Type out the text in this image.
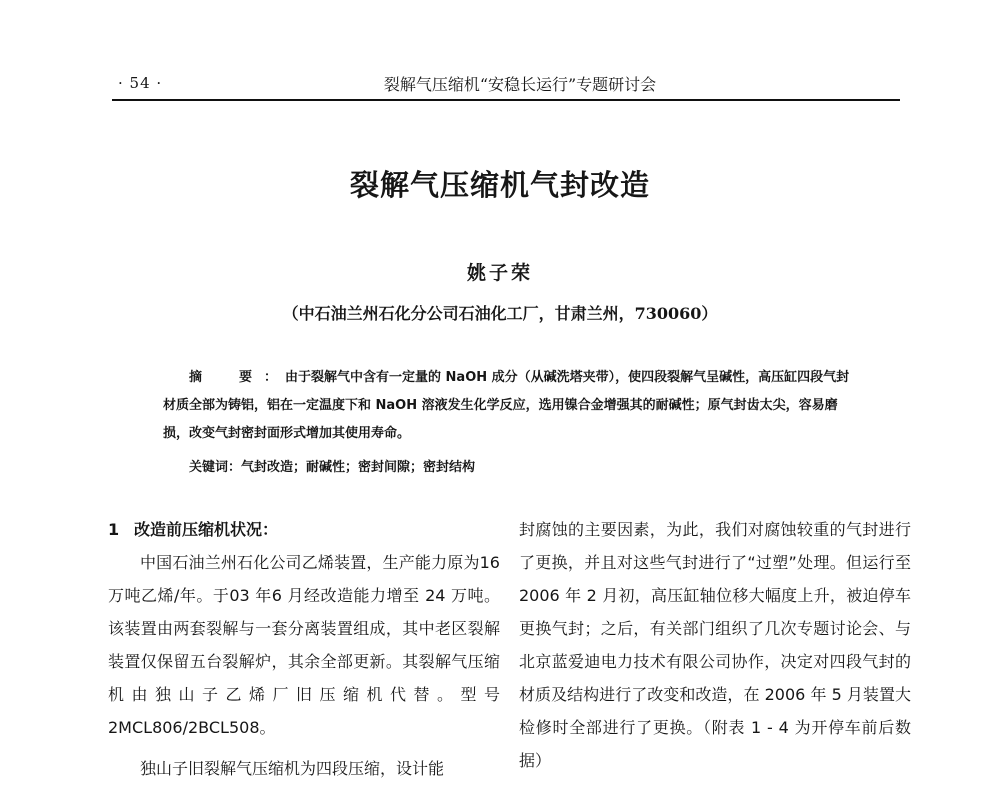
· 54 ·	裂解气压缩机“安稳长运行”专题研讨会
裂解气压缩机气封改造
姚子荣
（中石油兰州石化分公司石油化工厂，甘肃兰州，730060）
摘　要：由于裂解气中含有一定量的 NaOH 成分（从碱洗塔夹带），使四段裂解气呈碱性，高压缸四段气封材质全部为铸铝，铝在一定温度下和 NaOH 溶液发生化学反应，选用镍合金增强其的耐碱性；原气封齿太尖，容易磨损，改变气封密封面形式增加其使用寿命。
关键词：气封改造；耐碱性；密封间隙；密封结构

1 改造前压缩机状况：

中国石油兰州石化公司乙烯装置，生产能力原为16 万吨乙烯/年。于03 年6 月经改造能力增至 24 万吨。该装置由两套裂解与一套分离装置组成，其中老区裂解装置仅保留五台裂解炉，其余全部更新。其裂解气压缩机由独山子乙烯厂旧压缩机代替。型号 2MCL806/2BCL508。

独山子旧裂解气压缩机为四段压缩，设计能

封腐蚀的主要因素，为此，我们对腐蚀较重的气封进行了更换，并且对这些气封进行了“过塑”处理。但运行至 2006 年 2 月初，高压缸轴位移大幅度上升，被迫停车更换气封；之后，有关部门组织了几次专题讨论会、与北京蓝爱迪电力技术有限公司协作，决定对四段气封的材质及结构进行了改变和改造，在 2006 年 5 月装置大检修时全部进行了更换。（附表 1 - 4 为开停车前后数据）
